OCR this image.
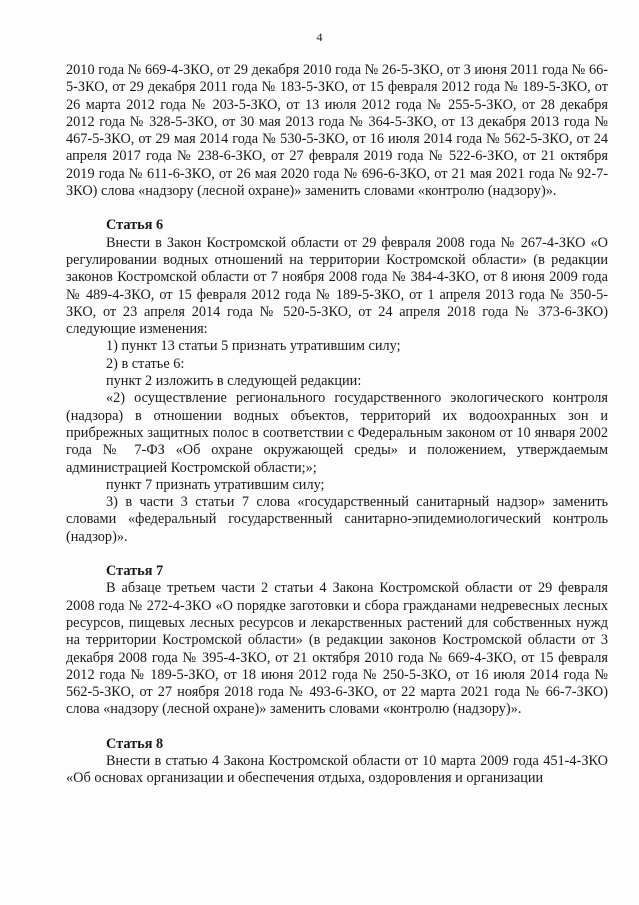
4

2010 года № 669-4-ЗКО, от 29 декабря 2010 года № 26-5-ЗКО, от 3 июня 2011 года № 66-5-ЗКО, от 29 декабря 2011 года № 183-5-ЗКО, от 15 февраля 2012 года № 189-5-ЗКО, от 26 марта 2012 года № 203-5-ЗКО, от 13 июля 2012 года № 255-5-ЗКО, от 28 декабря 2012 года № 328-5-ЗКО, от 30 мая 2013 года № 364-5-ЗКО, от 13 декабря 2013 года № 467-5-ЗКО, от 29 мая 2014 года № 530-5-ЗКО, от 16 июля 2014 года № 562-5-ЗКО, от 24 апреля 2017 года № 238-6-ЗКО, от 27 февраля 2019 года № 522-6-ЗКО, от 21 октября 2019 года № 611-6-ЗКО, от 26 мая 2020 года № 696-6-ЗКО, от 21 мая 2021 года № 92-7-ЗКО) слова «надзору (лесной охране)» заменить словами «контролю (надзору)».

Статья 6

Внести в Закон Костромской области от 29 февраля 2008 года № 267-4-ЗКО «О регулировании водных отношений на территории Костромской области» (в редакции законов Костромской области от 7 ноября 2008 года № 384-4-ЗКО, от 8 июня 2009 года № 489-4-ЗКО, от 15 февраля 2012 года № 189-5-ЗКО, от 1 апреля 2013 года № 350-5-ЗКО, от 23 апреля 2014 года № 520-5-ЗКО, от 24 апреля 2018 года № 373-6-ЗКО) следующие изменения:

1) пункт 13 статьи 5 признать утратившим силу;

2) в статье 6:

пункт 2 изложить в следующей редакции:

«2) осуществление регионального государственного экологического контроля (надзора) в отношении водных объектов, территорий их водоохранных зон и прибрежных защитных полос в соответствии с Федеральным законом от 10 января 2002 года № 7-ФЗ «Об охране окружающей среды» и положением, утверждаемым администрацией Костромской области;»;

пункт 7 признать утратившим силу;

3) в части 3 статьи 7 слова «государственный санитарный надзор» заменить словами «федеральный государственный санитарно-эпидемиологический контроль (надзор)».

Статья 7

В абзаце третьем части 2 статьи 4 Закона Костромской области от 29 февраля 2008 года № 272-4-ЗКО «О порядке заготовки и сбора гражданами недревесных лесных ресурсов, пищевых лесных ресурсов и лекарственных растений для собственных нужд на территории Костромской области» (в редакции законов Костромской области от 3 декабря 2008 года № 395-4-ЗКО, от 21 октября 2010 года № 669-4-ЗКО, от 15 февраля 2012 года № 189-5-ЗКО, от 18 июня 2012 года № 250-5-ЗКО, от 16 июля 2014 года № 562-5-ЗКО, от 27 ноября 2018 года № 493-6-ЗКО, от 22 марта 2021 года № 66-7-ЗКО) слова «надзору (лесной охране)» заменить словами «контролю (надзору)».

Статья 8

Внести в статью 4 Закона Костромской области от 10 марта 2009 года 451-4-ЗКО «Об основах организации и обеспечения отдыха, оздоровления и организации
